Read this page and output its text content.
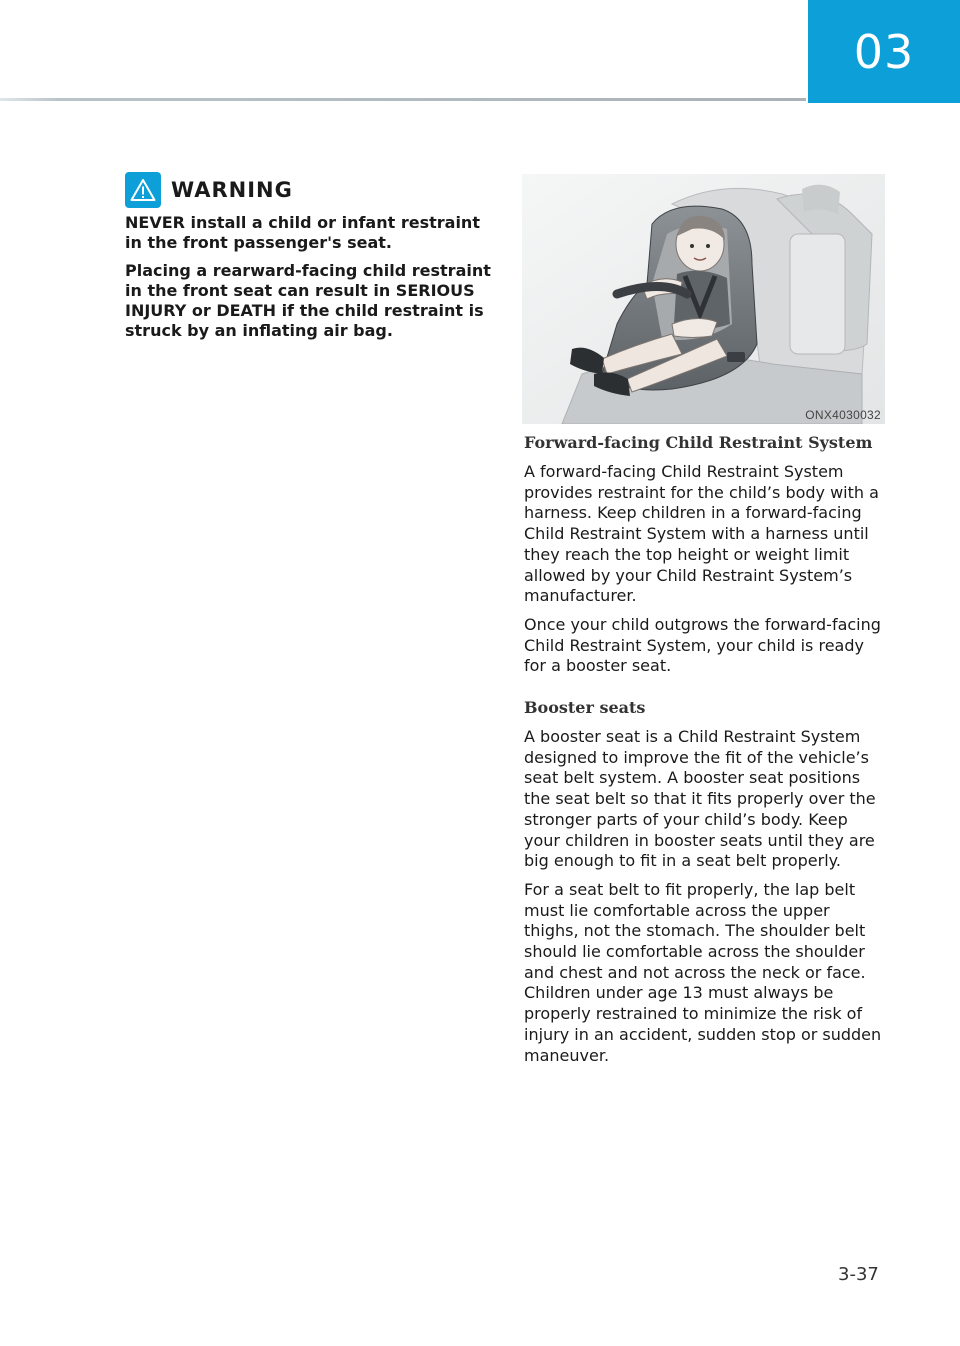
03
WARNING

NEVER install a child or infant restraint in the front passenger's seat.

Placing a rearward-facing child restraint in the front seat can result in SERIOUS INJURY or DEATH if the child restraint is struck by an inflating air bag.

ONX4030032
Forward-facing Child Restraint System

A forward-facing Child Restraint System provides restraint for the child’s body with a harness. Keep children in a forward-facing Child Restraint System with a harness until they reach the top height or weight limit allowed by your Child Restraint System’s manufacturer.

Once your child outgrows the forward-facing Child Restraint System, your child is ready for a booster seat.

Booster seats

A booster seat is a Child Restraint System designed to improve the fit of the vehicle’s seat belt system. A booster seat positions the seat belt so that it fits properly over the stronger parts of your child’s body. Keep your children in booster seats until they are big enough to fit in a seat belt properly.

For a seat belt to fit properly, the lap belt must lie comfortable across the upper thighs, not the stomach. The shoulder belt should lie comfortable across the shoulder and chest and not across the neck or face. Children under age 13 must always be properly restrained to minimize the risk of injury in an accident, sudden stop or sudden maneuver.

3-37
